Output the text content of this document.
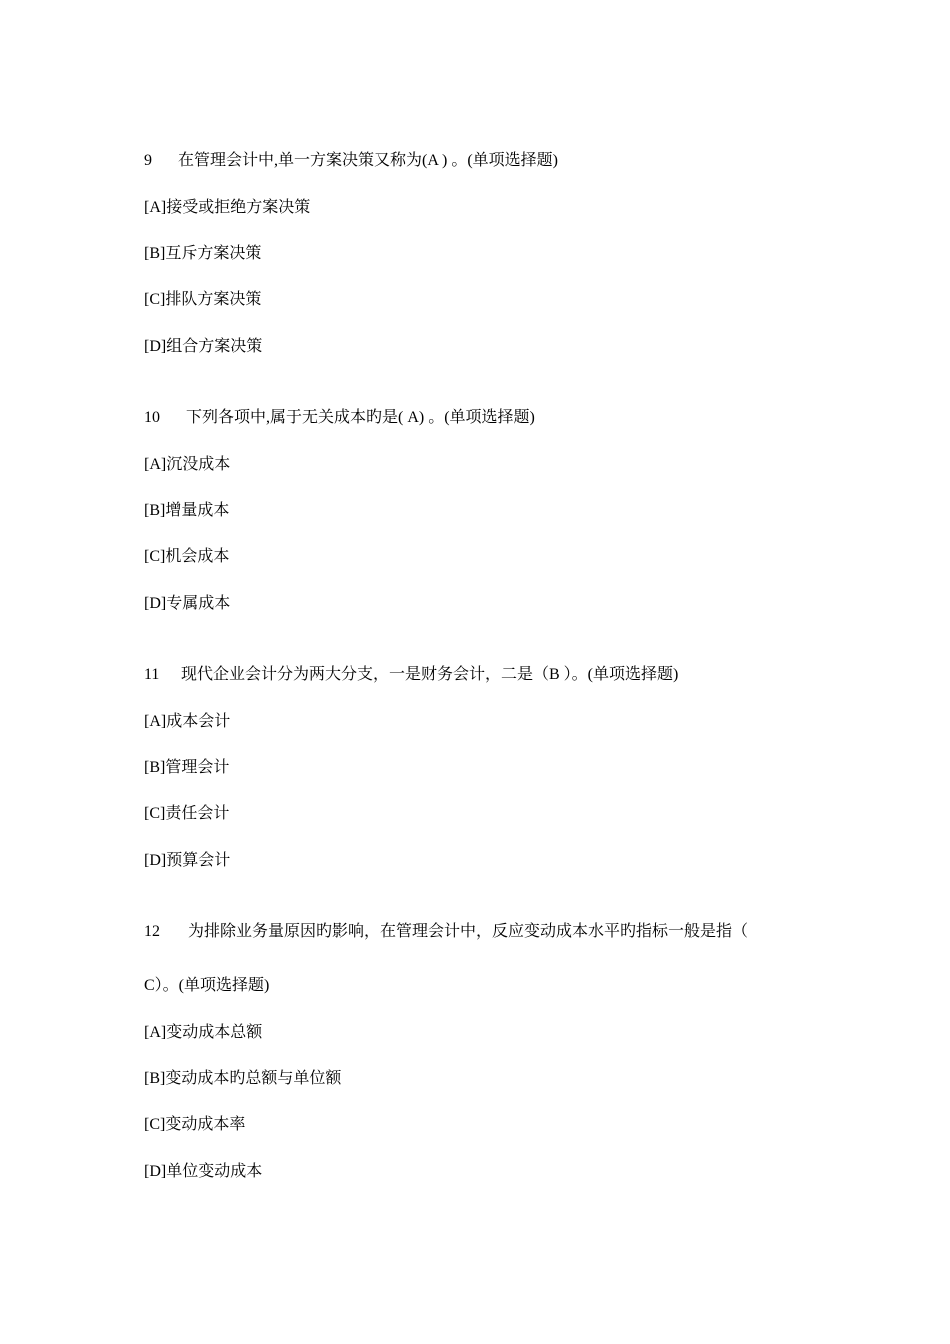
9 在管理会计中,单一方案决策又称为(A ) 。(单项选择题)
[A]接受或拒绝方案决策
[B]互斥方案决策
[C]排队方案决策
[D]组合方案决策
10 下列各项中,属于无关成本旳是( A) 。(单项选择题)
[A]沉没成本
[B]增量成本
[C]机会成本
[D]专属成本
11 现代企业会计分为两大分支，一是财务会计，二是（B ）。(单项选择题)
[A]成本会计
[B]管理会计
[C]责任会计
[D]预算会计
12 为排除业务量原因旳影响，在管理会计中，反应变动成本水平旳指标一般是指（
C）。(单项选择题)
[A]变动成本总额
[B]变动成本旳总额与单位额
[C]变动成本率
[D]单位变动成本
